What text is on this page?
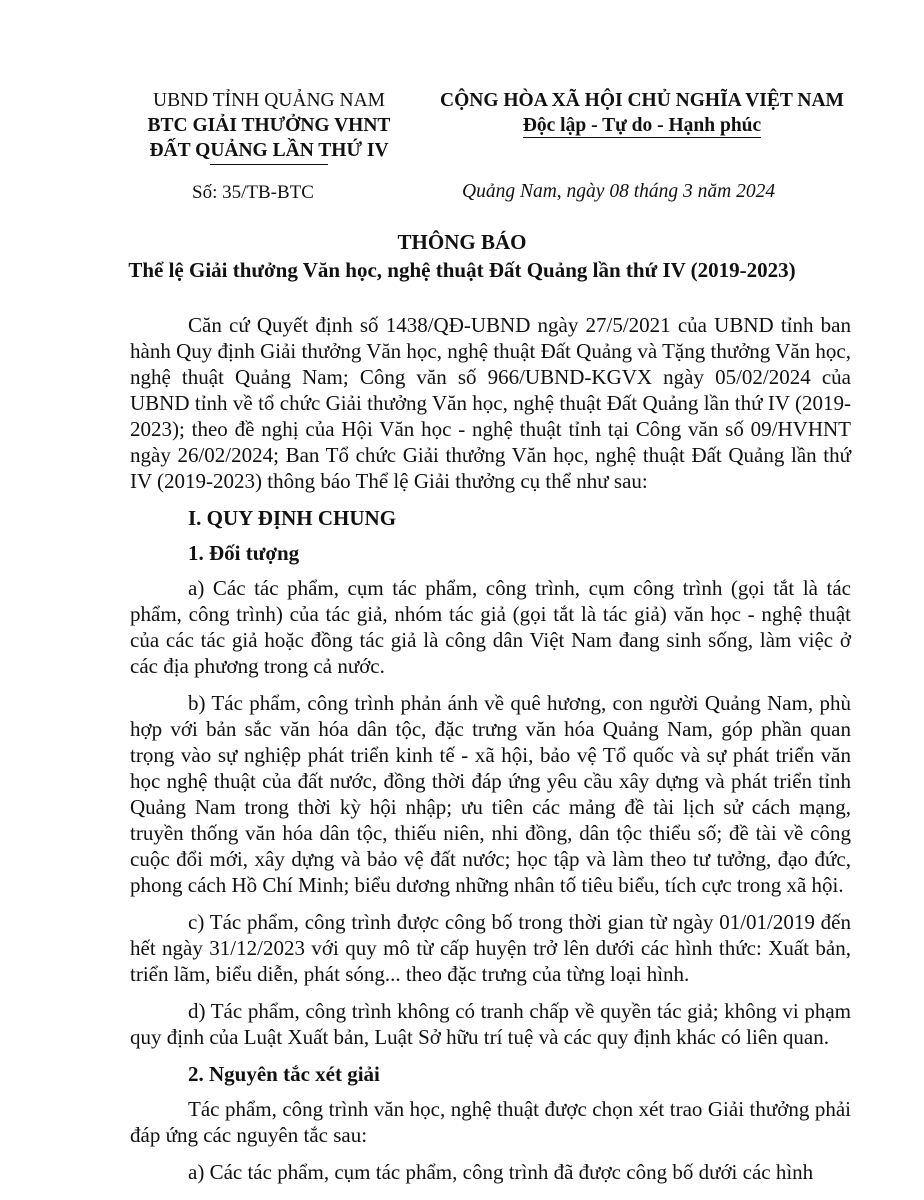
UBND TỈNH QUẢNG NAM
BTC GIẢI THƯỞNG VHNT
ĐẤT QUẢNG LẦN THỨ IV
CỘNG HÒA XÃ HỘI CHỦ NGHĨA VIỆT NAM
Độc lập - Tự do - Hạnh phúc
Số: 35/TB-BTC	Quảng Nam, ngày 08 tháng 3 năm 2024
THÔNG BÁO
Thể lệ Giải thưởng Văn học, nghệ thuật Đất Quảng lần thứ IV (2019-2023)

Căn cứ Quyết định số 1438/QĐ-UBND ngày 27/5/2021 của UBND tỉnh ban hành Quy định Giải thưởng Văn học, nghệ thuật Đất Quảng và Tặng thưởng Văn học, nghệ thuật Quảng Nam; Công văn số 966/UBND-KGVX ngày 05/02/2024 của UBND tỉnh về tổ chức Giải thưởng Văn học, nghệ thuật Đất Quảng lần thứ IV (2019-2023); theo đề nghị của Hội Văn học - nghệ thuật tỉnh tại Công văn số 09/HVHNT ngày 26/02/2024; Ban Tổ chức Giải thưởng Văn học, nghệ thuật Đất Quảng lần thứ IV (2019-2023) thông báo Thể lệ Giải thưởng cụ thể như sau:

I. QUY ĐỊNH CHUNG

1. Đối tượng

a) Các tác phẩm, cụm tác phẩm, công trình, cụm công trình (gọi tắt là tác phẩm, công trình) của tác giả, nhóm tác giả (gọi tắt là tác giả) văn học - nghệ thuật của các tác giả hoặc đồng tác giả là công dân Việt Nam đang sinh sống, làm việc ở các địa phương trong cả nước.

b) Tác phẩm, công trình phản ánh về quê hương, con người Quảng Nam, phù hợp với bản sắc văn hóa dân tộc, đặc trưng văn hóa Quảng Nam, góp phần quan trọng vào sự nghiệp phát triển kinh tế - xã hội, bảo vệ Tổ quốc và sự phát triển văn học nghệ thuật của đất nước, đồng thời đáp ứng yêu cầu xây dựng và phát triển tỉnh Quảng Nam trong thời kỳ hội nhập; ưu tiên các mảng đề tài lịch sử cách mạng, truyền thống văn hóa dân tộc, thiếu niên, nhi đồng, dân tộc thiểu số; đề tài về công cuộc đổi mới, xây dựng và bảo vệ đất nước; học tập và làm theo tư tưởng, đạo đức, phong cách Hồ Chí Minh; biểu dương những nhân tố tiêu biểu, tích cực trong xã hội.

c) Tác phẩm, công trình được công bố trong thời gian từ ngày 01/01/2019 đến hết ngày 31/12/2023 với quy mô từ cấp huyện trở lên dưới các hình thức: Xuất bản, triển lãm, biểu diễn, phát sóng... theo đặc trưng của từng loại hình.

d) Tác phẩm, công trình không có tranh chấp về quyền tác giả; không vi phạm quy định của Luật Xuất bản, Luật Sở hữu trí tuệ và các quy định khác có liên quan.

2. Nguyên tắc xét giải

Tác phẩm, công trình văn học, nghệ thuật được chọn xét trao Giải thưởng phải đáp ứng các nguyên tắc sau:

a) Các tác phẩm, cụm tác phẩm, công trình đã được công bố dưới các hình
